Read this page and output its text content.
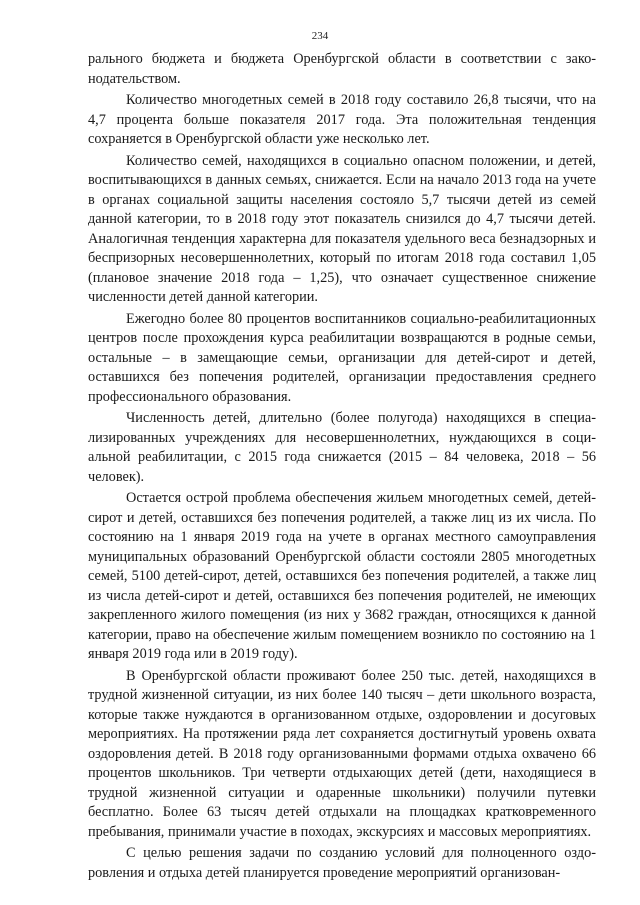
234

рального бюджета и бюджета Оренбургской области в соответствии с законодательством.

Количество многодетных семей в 2018 году составило 26,8 тысячи, что на 4,7 процента больше показателя 2017 года. Эта положительная тенденция сохраняется в Оренбургской области уже несколько лет.

Количество семей, находящихся в социально опасном положении, и детей, воспитывающихся в данных семьях, снижается. Если на начало 2013 года на учете в органах социальной защиты населения состояло 5,7 тысячи детей из семей данной категории, то в 2018 году этот показатель снизился до 4,7 тысячи детей. Аналогичная тенденция характерна для показателя удельного веса безнадзорных и беспризорных несовершеннолетних, который по итогам 2018 года составил 1,05 (плановое значение 2018 года – 1,25), что означает существенное снижение численности детей данной категории.

Ежегодно более 80 процентов воспитанников социально-реабилитационных центров после прохождения курса реабилитации возвращаются в родные семьи, остальные – в замещающие семьи, организации для детей-сирот и детей, оставшихся без попечения родителей, организации предоставления среднего профессионального образования.

Численность детей, длительно (более полугода) находящихся в специализированных учреждениях для несовершеннолетних, нуждающихся в социальной реабилитации, с 2015 года снижается (2015 – 84 человека, 2018 – 56 человек).

Остается острой проблема обеспечения жильем многодетных семей, детей-сирот и детей, оставшихся без попечения родителей, а также лиц из их числа. По состоянию на 1 января 2019 года на учете в органах местного самоуправления муниципальных образований Оренбургской области состояли 2805 многодетных семей, 5100 детей-сирот, детей, оставшихся без попечения родителей, а также лиц из числа детей-сирот и детей, оставшихся без попечения родителей, не имеющих закрепленного жилого помещения (из них у 3682 граждан, относящихся к данной категории, право на обеспечение жилым помещением возникло по состоянию на 1 января 2019 года или в 2019 году).

В Оренбургской области проживают более 250 тыс. детей, находящихся в трудной жизненной ситуации, из них более 140 тысяч – дети школьного возраста, которые также нуждаются в организованном отдыхе, оздоровлении и досуговых мероприятиях. На протяжении ряда лет сохраняется достигнутый уровень охвата оздоровления детей. В 2018 году организованными формами отдыха охвачено 66 процентов школьников. Три четверти отдыхающих детей (дети, находящиеся в трудной жизненной ситуации и одаренные школьники) получили путевки бесплатно. Более 63 тысяч детей отдыхали на площадках кратковременного пребывания, принимали участие в походах, экскурсиях и массовых мероприятиях.

С целью решения задачи по созданию условий для полноценного оздоровления и отдыха детей планируется проведение мероприятий организован-
